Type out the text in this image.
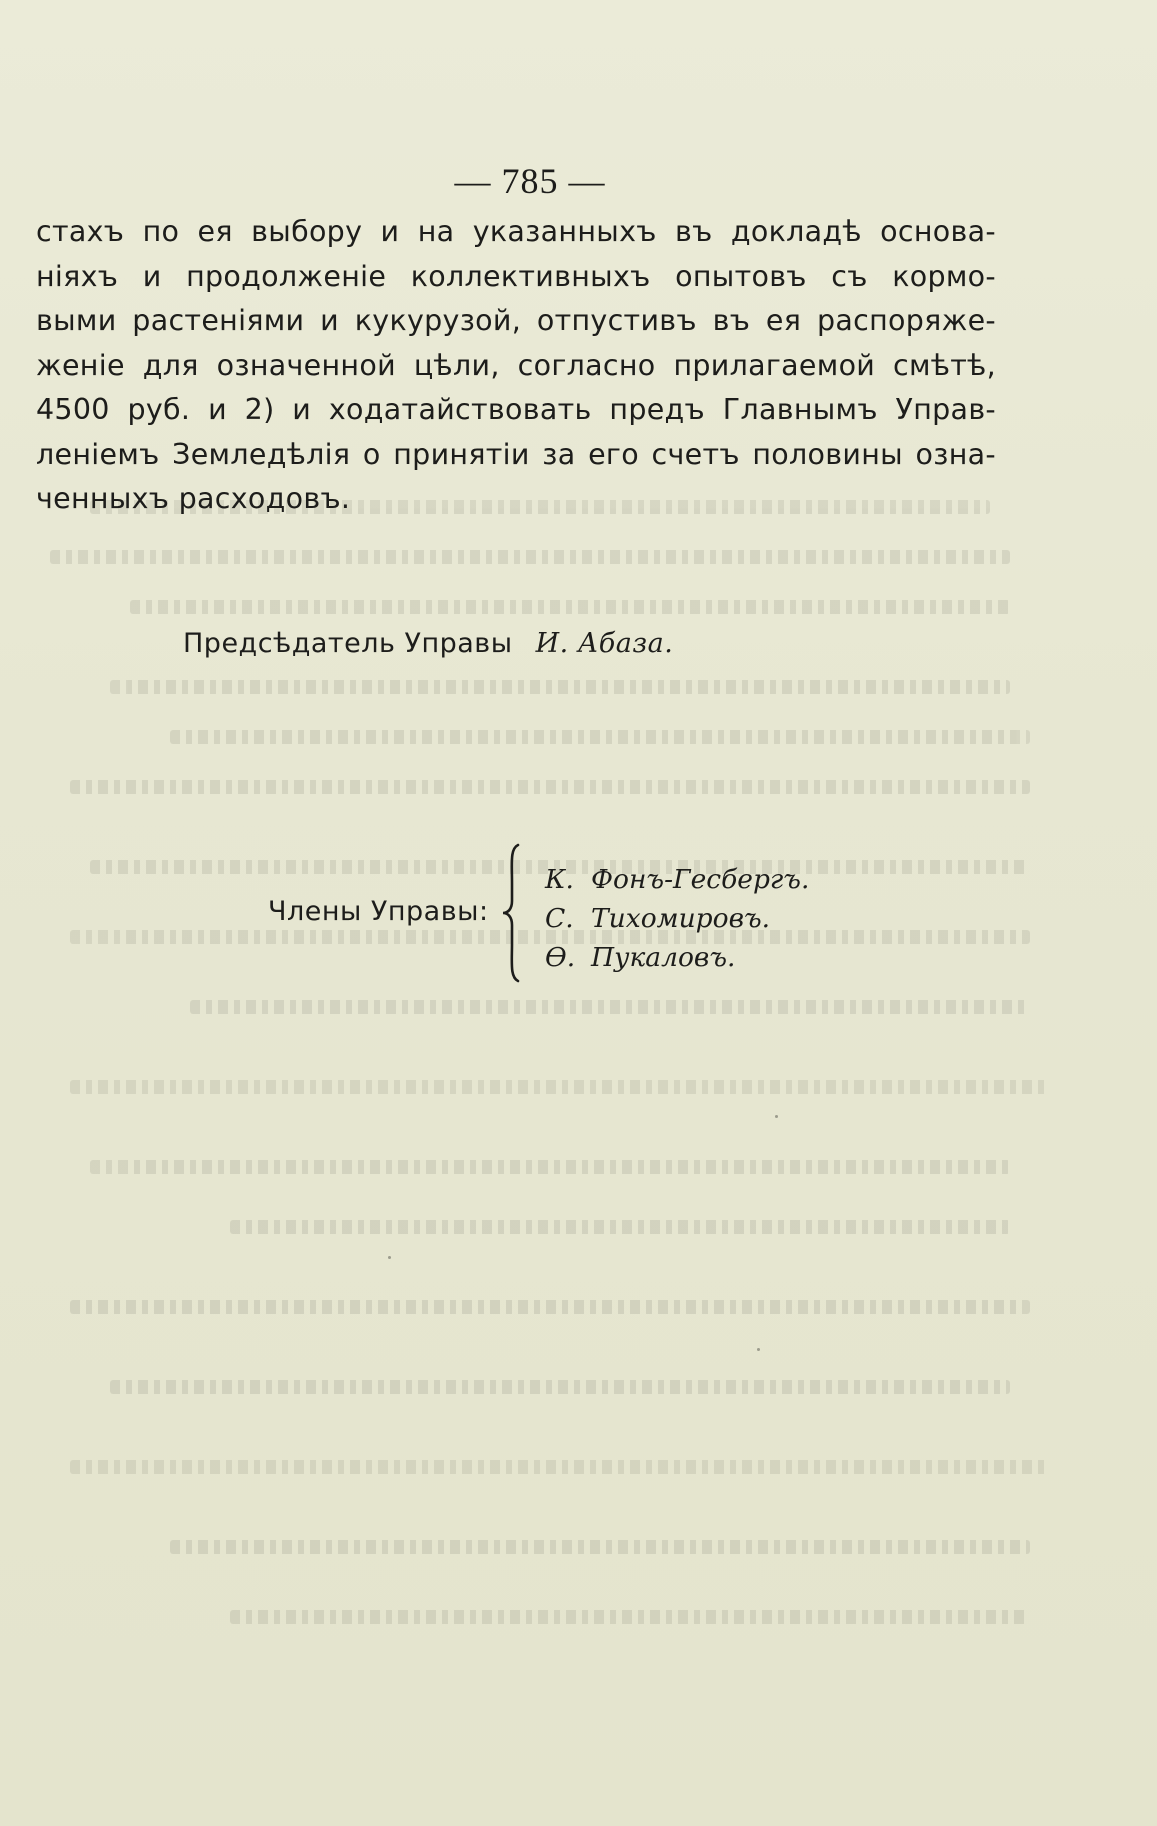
— 785 —
стахъ по ея выбору и на указанныхъ въ докладѣ основа-
ніяхъ и продолженіе коллективныхъ опытовъ съ кормо-
выми растеніями и кукурузой, отпустивъ въ ея распоряже-
женіе для означенной цѣли, согласно прилагаемой смѣтѣ,
4500 руб. и 2) и ходатайствовать предъ Главнымъ Управ-
леніемъ Земледѣлія о принятіи за его счетъ половины озна-
ченныхъ расходовъ.
Предсѣдатель Управы И. Абаза.
Члены Управы:
К. Фонъ-Гесбергъ.
С. Тихомировъ.
Ѳ. Пукаловъ.
